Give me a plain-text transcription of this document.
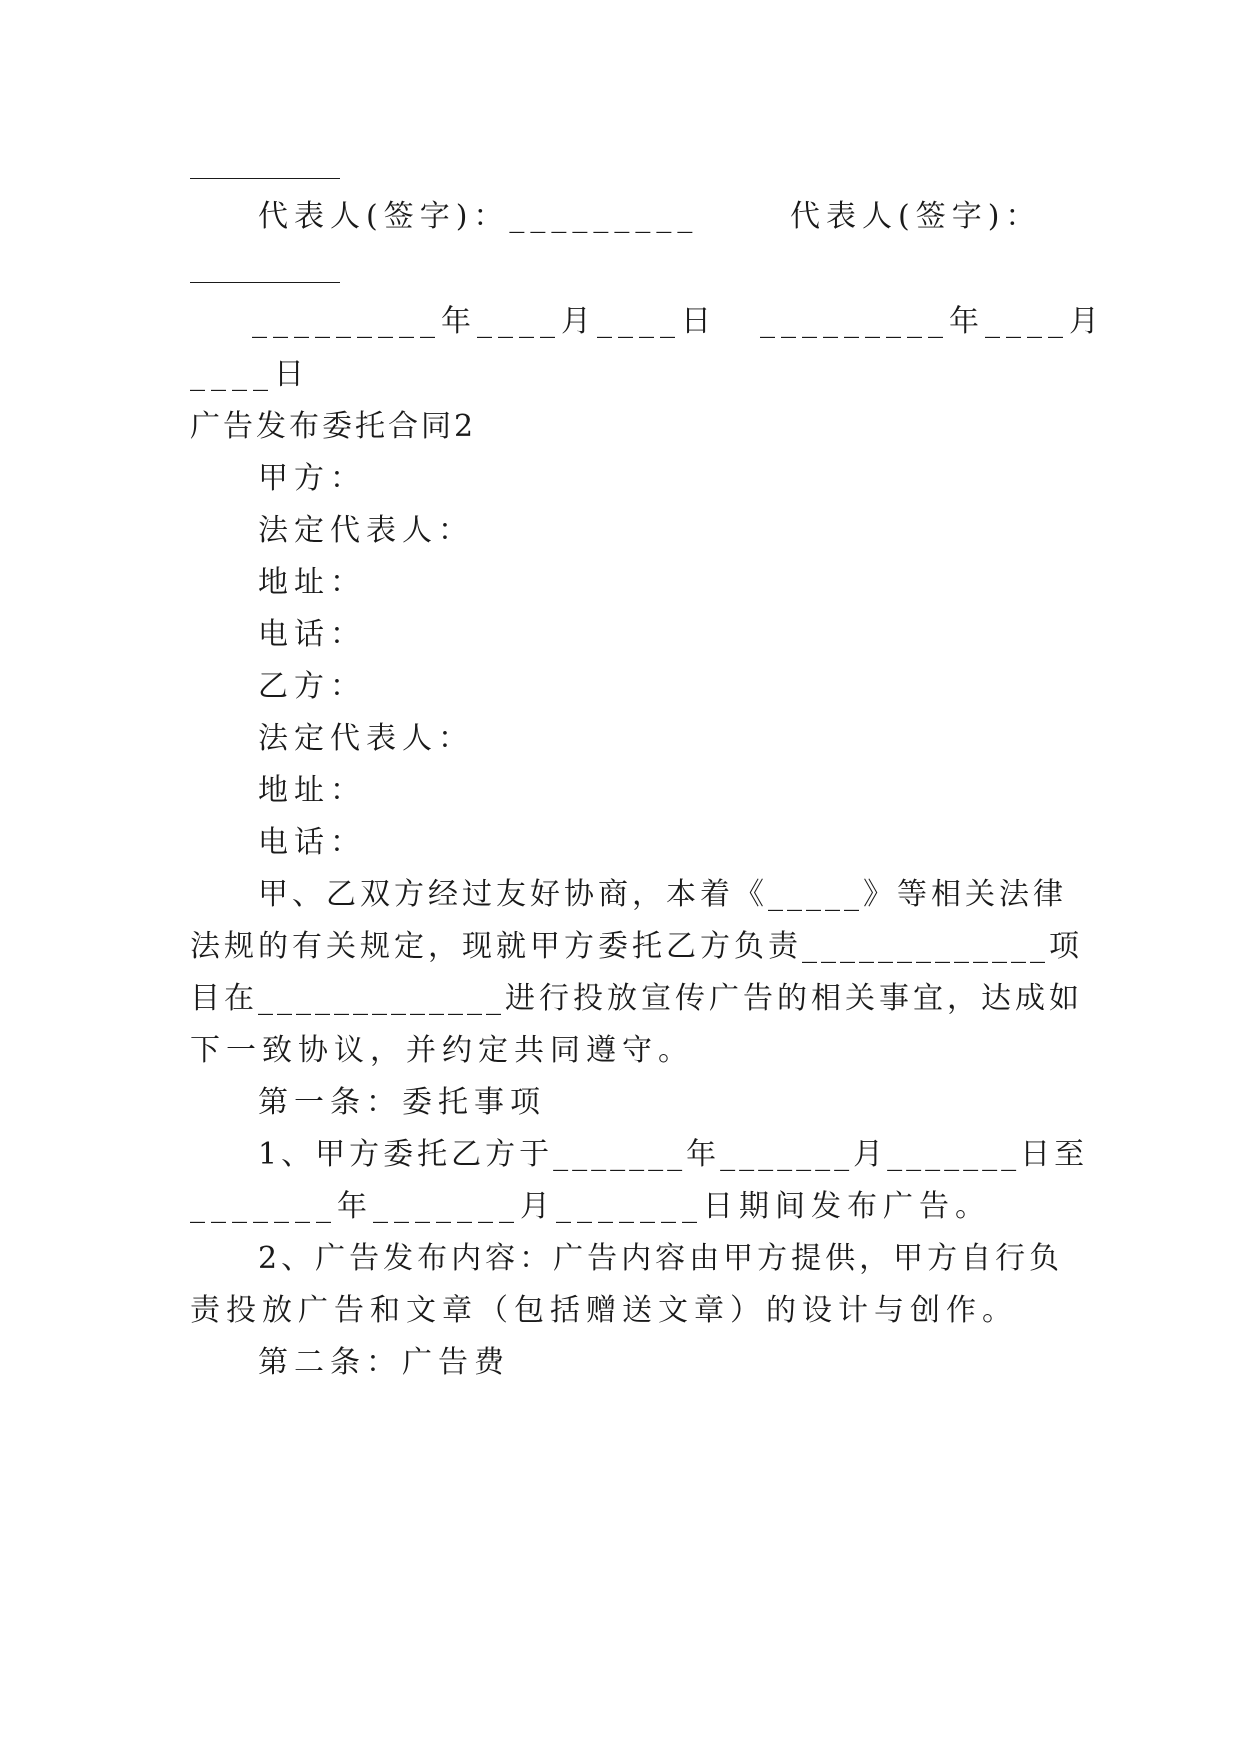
代表人(签字)：_________	代表人(签字)：
_________年____月____日	_________年____月
____日
广告发布委托合同2
甲方：
法定代表人：
地址：
电话：
乙方：
法定代表人：
地址：
电话：
甲、乙双方经过友好协商，本着《_____》等相关法律
法规的有关规定，现就甲方委托乙方负责_____________项
目在_____________进行投放宣传广告的相关事宜，达成如
下一致协议，并约定共同遵守。
第一条：委托事项
1、甲方委托乙方于_______年_______月_______日至
_______年_______月_______日期间发布广告。
2、广告发布内容：广告内容由甲方提供，甲方自行负
责投放广告和文章（包括赠送文章）的设计与创作。
第二条：广告费
